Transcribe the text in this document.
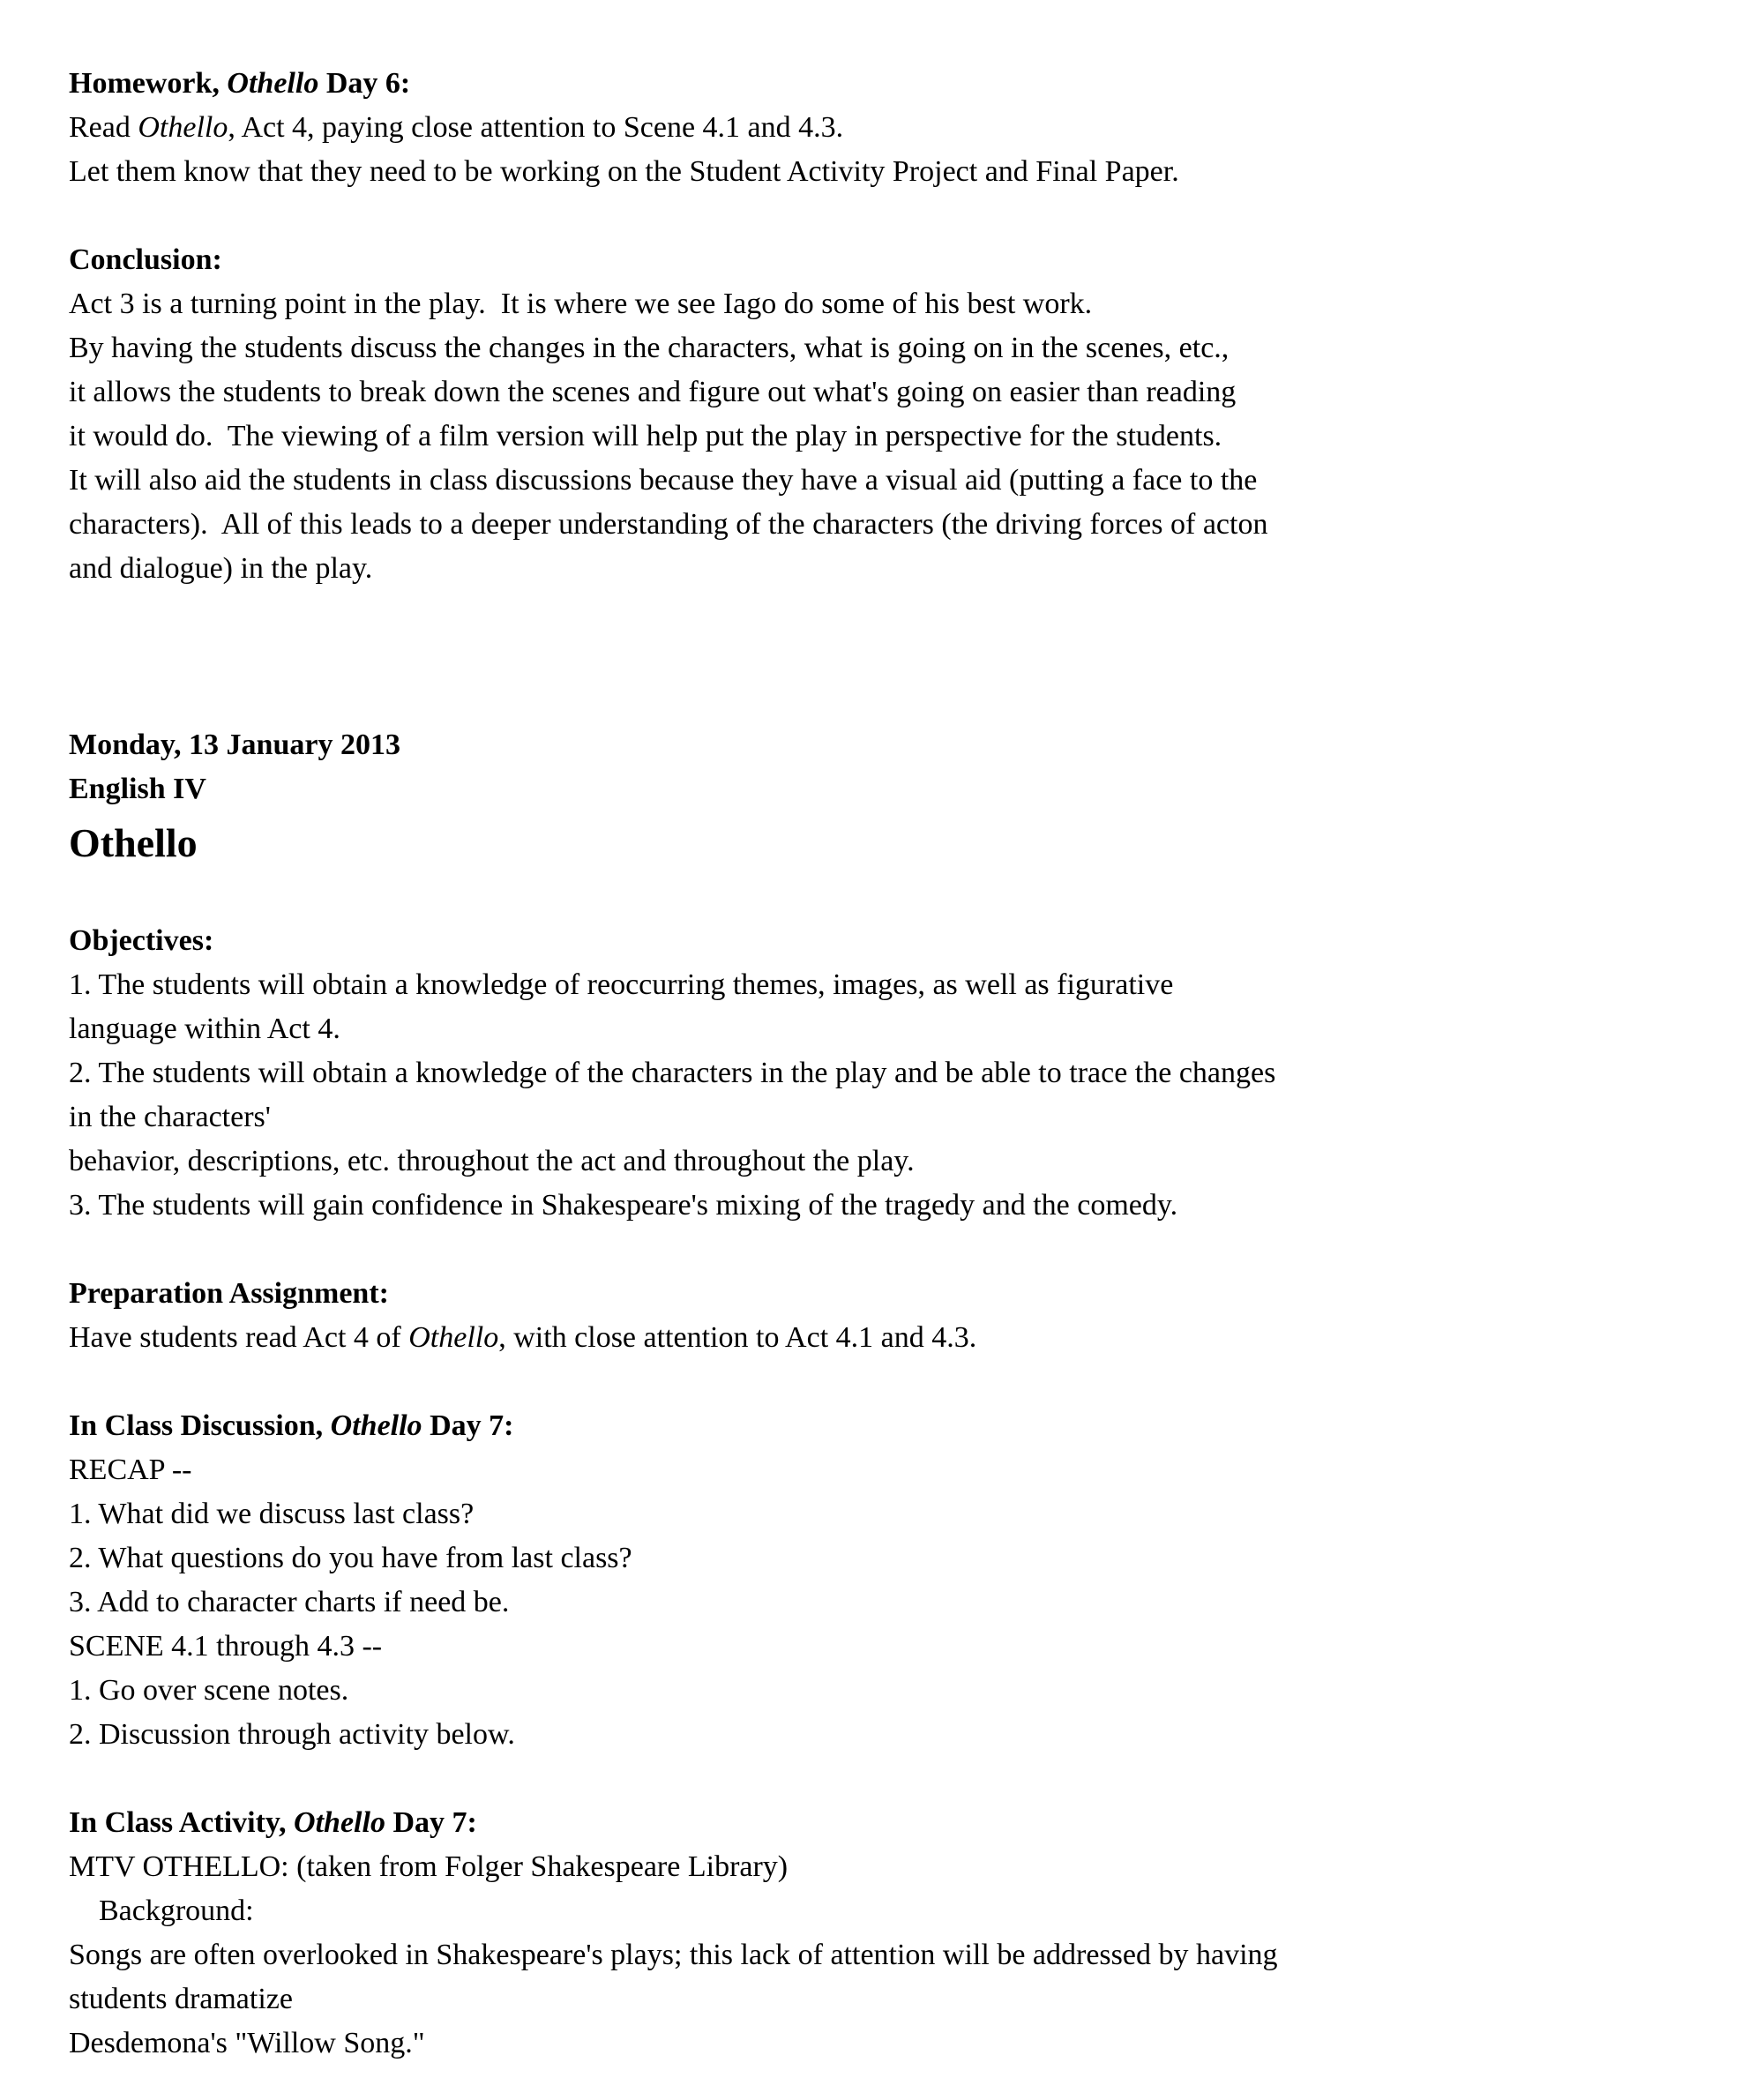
Homework, Othello Day 6:

Read Othello, Act 4, paying close attention to Scene 4.1 and 4.3.

Let them know that they need to be working on the Student Activity Project and Final Paper.

Conclusion:

Act 3 is a turning point in the play.  It is where we see Iago do some of his best work.

By having the students discuss the changes in the characters, what is going on in the scenes, etc.,

it allows the students to break down the scenes and figure out what's going on easier than reading

it would do.  The viewing of a film version will help put the play in perspective for the students.

It will also aid the students in class discussions because they have a visual aid (putting a face to the

characters).  All of this leads to a deeper understanding of the characters (the driving forces of acton

and dialogue) in the play.

Monday, 13 January 2013

English IV

Othello

Objectives:

1. The students will obtain a knowledge of reoccurring themes, images, as well as figurative

language within Act 4.

2. The students will obtain a knowledge of the characters in the play and be able to trace the changes

in the characters'

behavior, descriptions, etc. throughout the act and throughout the play.

3. The students will gain confidence in Shakespeare's mixing of the tragedy and the comedy.

Preparation Assignment:

Have students read Act 4 of Othello, with close attention to Act 4.1 and 4.3.

In Class Discussion, Othello Day 7:

RECAP --

1. What did we discuss last class?

2. What questions do you have from last class?

3. Add to character charts if need be.

SCENE 4.1 through 4.3 --

1. Go over scene notes.

2. Discussion through activity below.

In Class Activity, Othello Day 7:

MTV OTHELLO: (taken from Folger Shakespeare Library)

Background:

Songs are often overlooked in Shakespeare's plays; this lack of attention will be addressed by having

students dramatize

Desdemona's "Willow Song."
